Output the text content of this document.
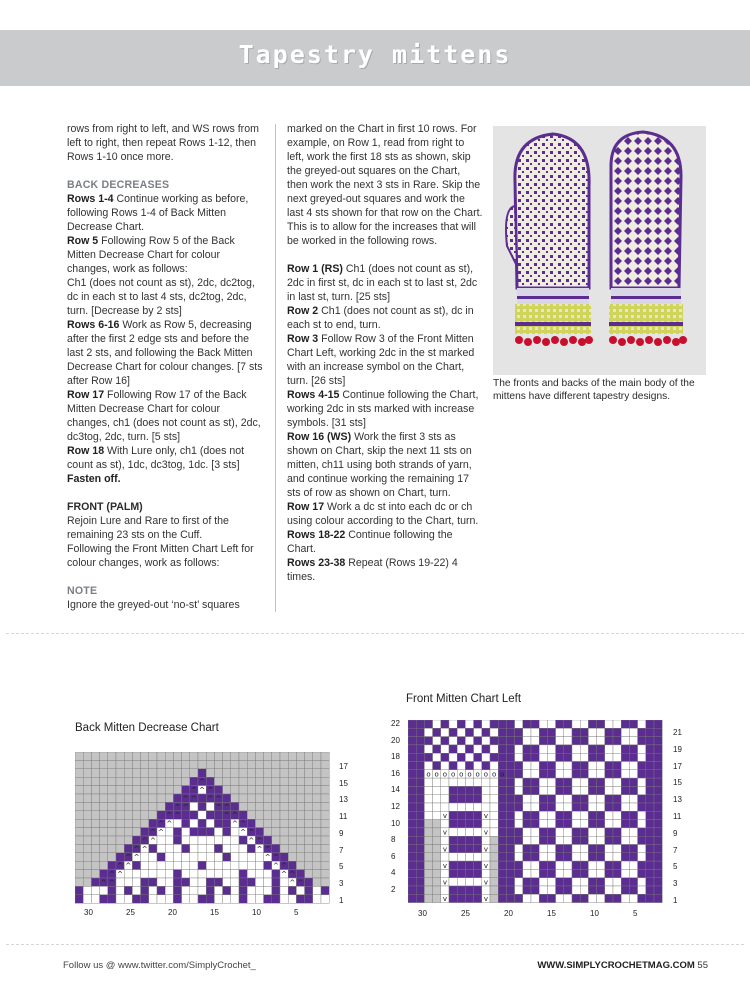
Tapestry mittens

rows from right to left, and WS rows from left to right, then repeat Rows 1-12, then Rows 1-10 once more.

BACK DECREASES

Rows 1-4 Continue working as before, following Rows 1-4 of Back Mitten Decrease Chart.

Row 5 Following Row 5 of the Back Mitten Decrease Chart for colour changes, work as follows:

Ch1 (does not count as st), 2dc, dc2tog, dc in each st to last 4 sts, dc2tog, 2dc, turn. [Decrease by 2 sts]

Rows 6-16 Work as Row 5, decreasing after the first 2 edge sts and before the last 2 sts, and following the Back Mitten Decrease Chart for colour changes. [7 sts after Row 16]

Row 17 Following Row 17 of the Back Mitten Decrease Chart for colour changes, ch1 (does not count as st), 2dc, dc3tog, 2dc, turn. [5 sts]

Row 18 With Lure only, ch1 (does not count as st), 1dc, dc3tog, 1dc. [3 sts]

Fasten off.

FRONT (PALM)

Rejoin Lure and Rare to first of the remaining 23 sts on the Cuff.

Following the Front Mitten Chart Left for colour changes, work as follows:

NOTE

Ignore the greyed-out ‘no-st’ squares

marked on the Chart in first 10 rows. For example, on Row 1, read from right to left, work the first 18 sts as shown, skip the greyed-out squares on the Chart, then work the next 3 sts in Rare. Skip the next greyed-out squares and work the last 4 sts shown for that row on the Chart.

This is to allow for the increases that will be worked in the following rows.

Row 1 (RS) Ch1 (does not count as st), 2dc in first st, dc in each st to last st, 2dc in last st, turn. [25 sts]

Row 2 Ch1 (does not count as st), dc in each st to end, turn.

Row 3 Follow Row 3 of the Front Mitten Chart Left, working 2dc in the st marked with an increase symbol on the Chart, turn. [26 sts]

Rows 4-15 Continue following the Chart, working 2dc in sts marked with increase symbols. [31 sts]

Row 16 (WS) Work the first 3 sts as shown on Chart, skip the next 11 sts on mitten, ch11 using both strands of yarn, and continue working the remaining 17 sts of row as shown on Chart, turn.

Row 17 Work a dc st into each dc or ch using colour according to the Chart, turn.

Rows 18-22 Continue following the Chart.

Rows 23-38 Repeat (Rows 19-22) 4 times.

The fronts and backs of the main body of the mittens have different tapestry designs.
Back Mitten Decrease Chart
Front Mitten Chart Left
^
^ ^ ^
^ ^ ^ ^
^ ^	^ ^
^ ^	^ ^
^ ^	^ ^
^ ^	^ ^
^ ^	^ ^
^ ^	^ ^
^ ^	^ ^
^ ^	^ ^
^ ^	^ ^
^ ^	^ ^
o o o o o o o o o o
v	v
v	v
v	v
v	v
v	v
v	v
30	25	20	15	10	5
17
15
13
11
9
7
5
3
1
30	25	20	15	10	5
22
20
18
16
14
12
10
8
6
4
2
21
19
17
15
13
11
9
7
5
3
1
Follow us @ www.twitter.com/SimplyCrochet_	WWW.SIMPLYCROCHETMAG.COM 55
